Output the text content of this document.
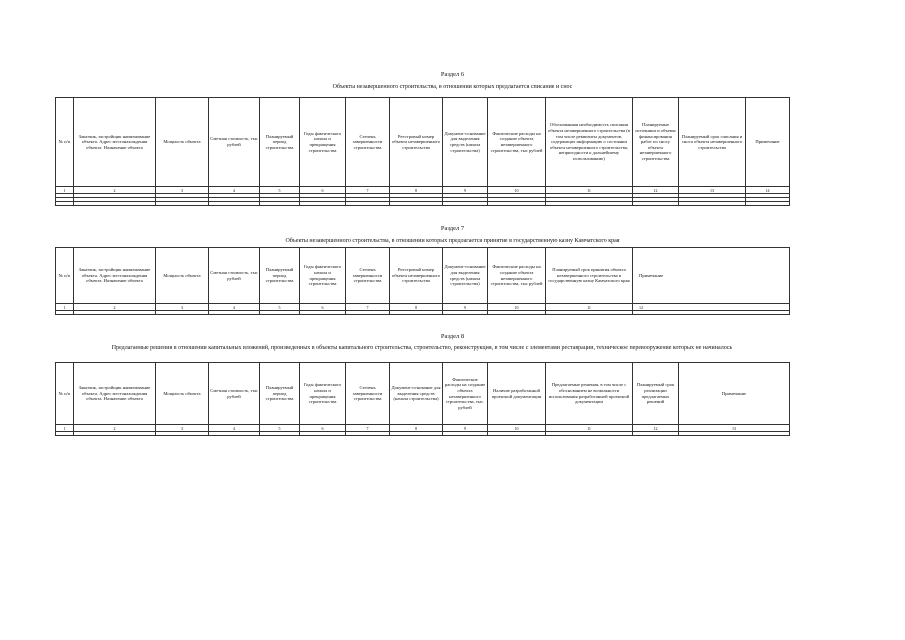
Раздел 6
Объекты незавершенного строительства, в отношении которых предлагается списание и снос
№ п/п	Заказчик, застройщик наименование объекта. Адрес местонахождения объекта. Назначение объекта	Мощность объекта	Сметная стоимость, тыс рублей	Планируемый период строительства	Годы фактического начала и прекращения строительства	Степень завершенности строительства	Реестровый номер объекта незавершенного строительства	Документ-основание для выделения средств (начала строительства)	Фактические расходы на создание объекта незавершенного строительства, тыс рублей	Обоснованная необходимость списания объекта незавершенного строительства (в том числе реквизиты документов, содержащих информацию о состоянии объекта незавершенного строительства, непригодности к дальнейшему использованию)	Планируемые источники и объемы финансирования работ по сносу объекта незавершенного строительства	Планируемый срок списания и сноса объекта незавершенного строительства	Примечание
1	2	3	4	5	6	7	8	9	10	11	12	13	14

Раздел 7
Объекты незавершенного строительства, в отношении которых предлагается принятие в государственную казну Камчатского края
№ п/п	Заказчик, застройщик наименование объекта. Адрес местонахождения объекта. Назначение объекта	Мощность объекта	Сметная стоимость, тыс рублей	Планируемый период строительства	Годы фактического начала и прекращения строительства	Степень завершенности строительства	Реестровый номер объекта незавершенного строительства	Документ-основание для выделения средств (начала строительства)	Фактические расходы на создание объекта незавершенного строительства, тыс рублей	Планируемый срок принятия объекта незавершенного строительства в государственную казну Камчатского края	Примечание
1	2	3	4	5	6	7	8	9	10	11	12

Раздел 8
Предлагаемые решения в отношении капитальных вложений, произведенных в объекты капитального строительства, строительство, реконструкция, в том числе с элементами реставрации, техническое перевооружение которых не начиналось
№ п/п	Заказчик, застройщик наименование объекта. Адрес местонахождения объекта. Назначение объекта	Мощность объекта	Сметная стоимость, тыс рублей	Планируемый период строительства	Годы фактического начала и прекращения строительства	Степень завершенности строительства	Документ-основание для выделения средств (начала строительства)	Фактические расходы на создание объекта незавершенного строительства, тыс. рублей	Наличие разработанной проектной документации	Предлагаемые решения, в том числе с обоснованием не возможности использования разработанной проектной документации	Планируемый срок реализации предлагаемых решений	Примечание
1	2	3	4	5	6	7	8	9	10	11	12	13
